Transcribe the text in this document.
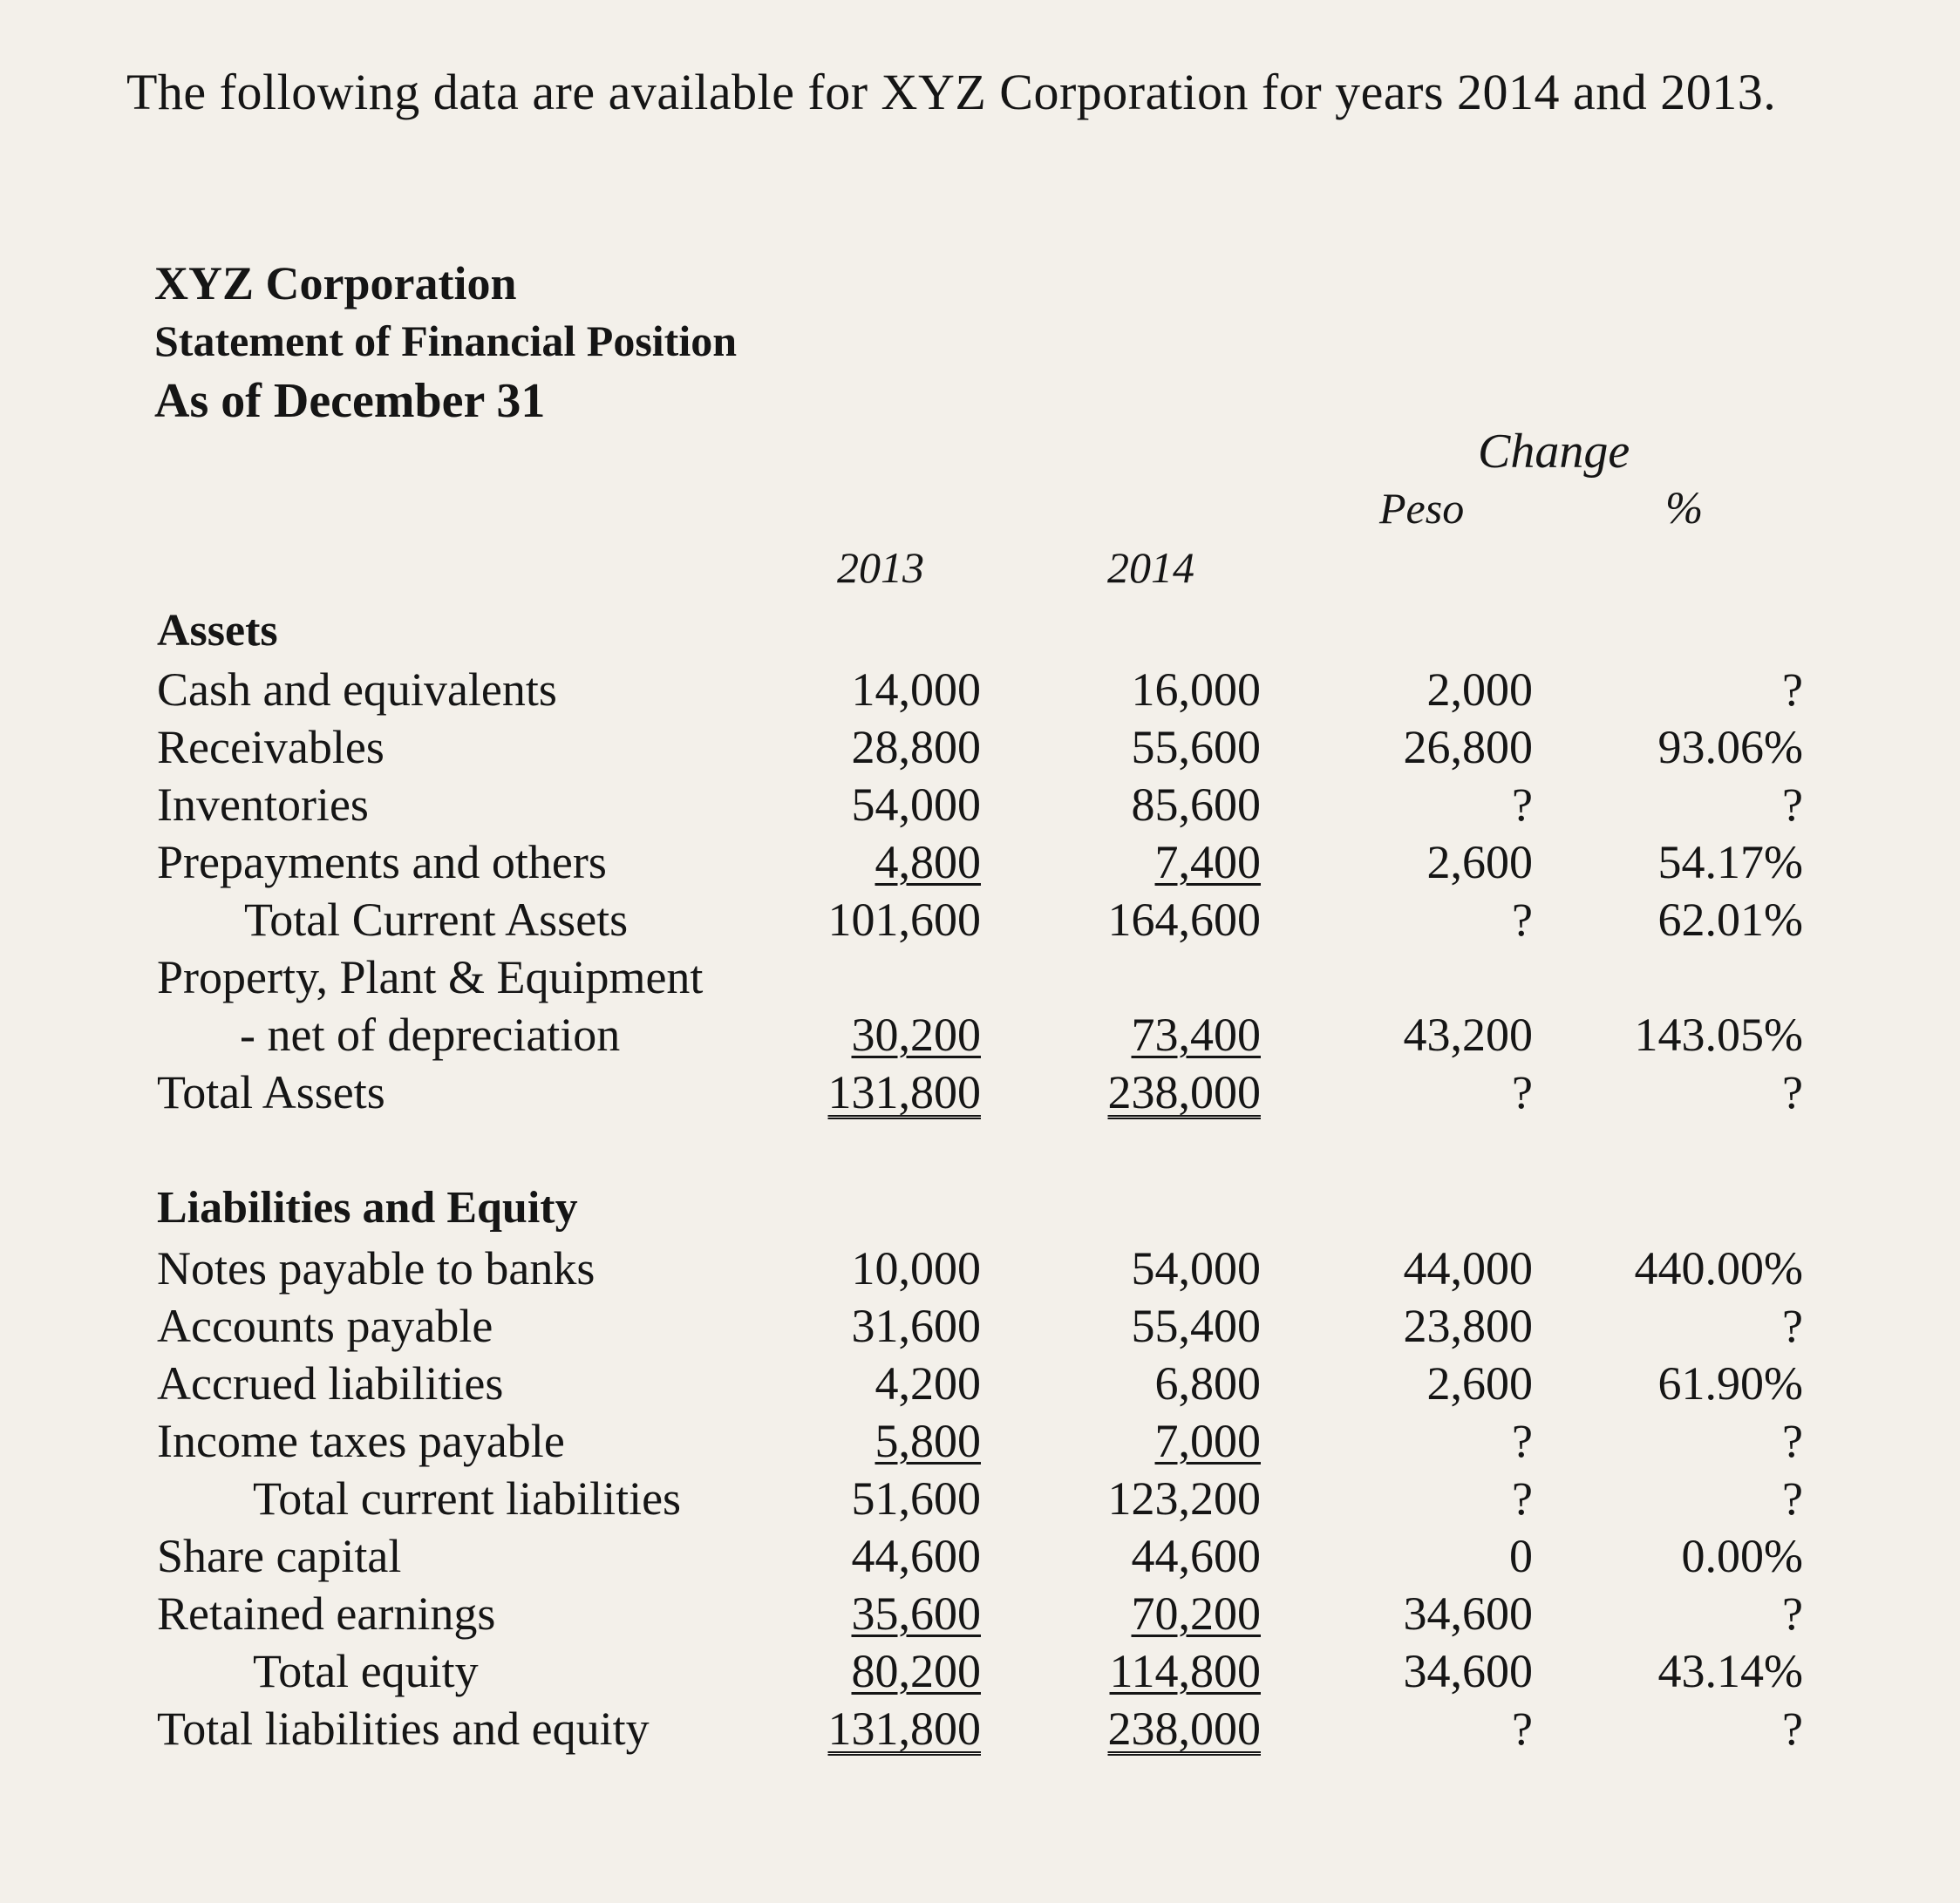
The following data are available for XYZ Corporation for years 2014 and 2013.
XYZ Corporation
Statement of Financial Position
As of December 31
Change
Peso	%
2013	2014
Assets
Cash and equivalents	14,000	16,000	2,000	?
Receivables	28,800	55,600	26,800	93.06%
Inventories	54,000	85,600	?	?
Prepayments and others	4,800	7,400	2,600	54.17%
Total Current Assets	101,600	164,600	?	62.01%
Property, Plant & Equipment
- net of depreciation	30,200	73,400	43,200 143.05%
Total Assets	131,800	238,000	?	?
Liabilities and Equity
Notes payable to banks	10,000	54,000	44,000 440.00%
Accounts payable	31,600	55,400	23,800	?
Accrued liabilities	4,200	6,800	2,600	61.90%
Income taxes payable	5,800	7,000	?	?
Total current liabilities	51,600	123,200	?	?
Share capital	44,600	44,600	0	0.00%
Retained earnings	35,600	70,200	34,600	?
Total equity	80,200	114,800	34,600	43.14%
Total liabilities and equity	131,800	238,000	?	?
